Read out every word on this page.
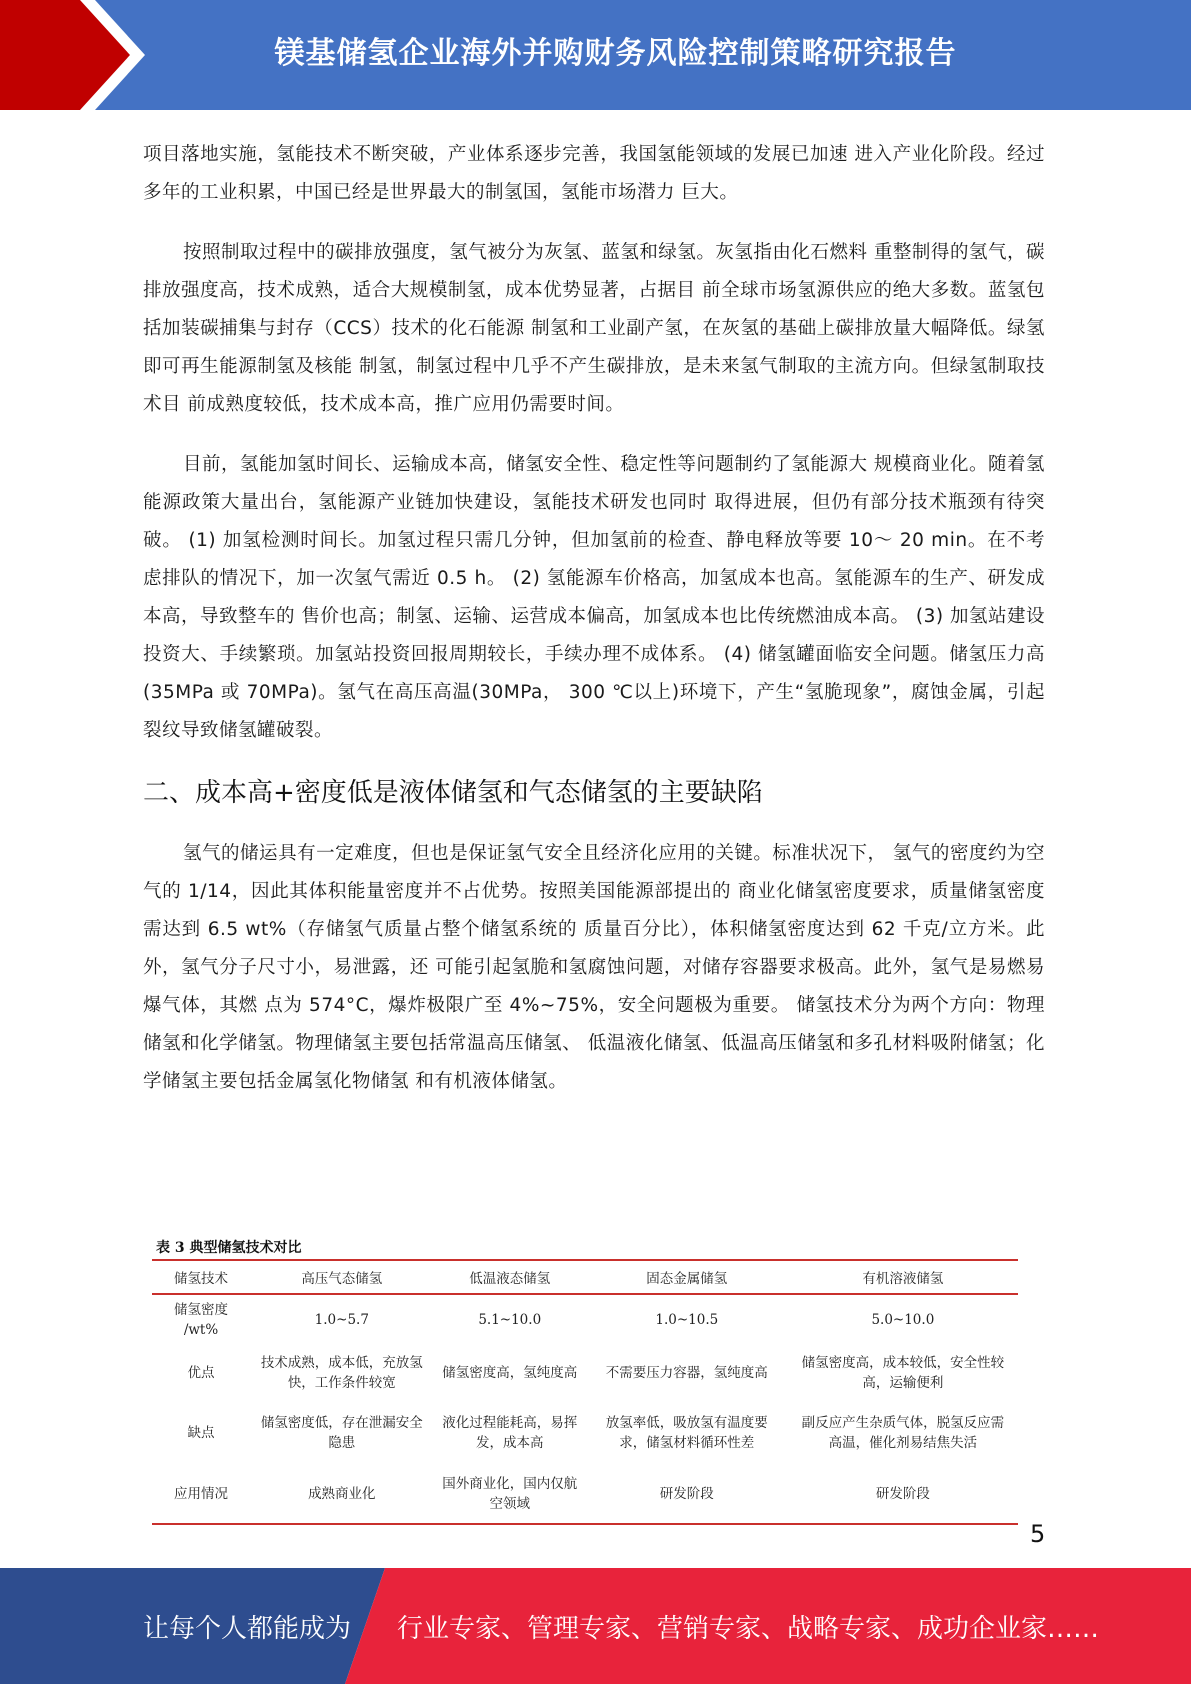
镁基储氢企业海外并购财务风险控制策略研究报告

项目落地实施，氢能技术不断突破，产业体系逐步完善，我国氢能领域的发展已加速 进入产业化阶段。经过多年的工业积累，中国已经是世界最大的制氢国，氢能市场潜力 巨大。

按照制取过程中的碳排放强度，氢气被分为灰氢、蓝氢和绿氢。灰氢指由化石燃料 重整制得的氢气，碳排放强度高，技术成熟，适合大规模制氢，成本优势显著，占据目 前全球市场氢源供应的绝大多数。蓝氢包括加装碳捕集与封存（CCS）技术的化石能源 制氢和工业副产氢，在灰氢的基础上碳排放量大幅降低。绿氢即可再生能源制氢及核能 制氢，制氢过程中几乎不产生碳排放，是未来氢气制取的主流方向。但绿氢制取技术目 前成熟度较低，技术成本高，推广应用仍需要时间。

目前，氢能加氢时间长、运输成本高，储氢安全性、稳定性等问题制约了氢能源大 规模商业化。随着氢能源政策大量出台，氢能源产业链加快建设，氢能技术研发也同时 取得进展，但仍有部分技术瓶颈有待突破。 (1) 加氢检测时间长。加氢过程只需几分钟，但加氢前的检查、静电释放等要 10～ 20 min。在不考虑排队的情况下，加一次氢气需近 0.5 h。 (2) 氢能源车价格高，加氢成本也高。氢能源车的生产、研发成本高，导致整车的 售价也高；制氢、运输、运营成本偏高，加氢成本也比传统燃油成本高。 (3) 加氢站建设投资大、手续繁琐。加氢站投资回报周期较长，手续办理不成体系。 (4) 储氢罐面临安全问题。储氢压力高(35MPa 或 70MPa)。氢气在高压高温(30MPa， 300 ℃以上)环境下，产生“氢脆现象”，腐蚀金属，引起裂纹导致储氢罐破裂。

二、成本高+密度低是液体储氢和气态储氢的主要缺陷

氢气的储运具有一定难度，但也是保证氢气安全且经济化应用的关键。标准状况下， 氢气的密度约为空气的 1/14，因此其体积能量密度并不占优势。按照美国能源部提出的 商业化储氢密度要求，质量储氢密度需达到 6.5 wt%（存储氢气质量占整个储氢系统的 质量百分比），体积储氢密度达到 62 千克/立方米。此外，氢气分子尺寸小，易泄露，还 可能引起氢脆和氢腐蚀问题，对储存容器要求极高。此外，氢气是易燃易爆气体，其燃 点为 574°C，爆炸极限广至 4%~75%，安全问题极为重要。 储氢技术分为两个方向：物理储氢和化学储氢。物理储氢主要包括常温高压储氢、 低温液化储氢、低温高压储氢和多孔材料吸附储氢；化学储氢主要包括金属氢化物储氢 和有机液体储氢。

表 3 典型储氢技术对比
储氢技术	高压气态储氢	低温液态储氢	固态金属储氢	有机溶液储氢
储氢密度 /wt%	1.0~5.7	5.1~10.0	1.0~10.5	5.0~10.0
优点	技术成熟，成本低，充放氢快，工作条件较宽	储氢密度高，氢纯度高	不需要压力容器，氢纯度高	储氢密度高，成本较低，安全性较高，运输便利
缺点	储氢密度低，存在泄漏安全隐患	液化过程能耗高，易挥发，成本高	放氢率低，吸放氢有温度要求，储氢材料循环性差	副反应产生杂质气体，脱氢反应需高温，催化剂易结焦失活
应用情况	成熟商业化	国外商业化，国内仅航空领域	研发阶段	研发阶段
5
让每个人都能成为 行业专家、管理专家、营销专家、战略专家、成功企业家……
